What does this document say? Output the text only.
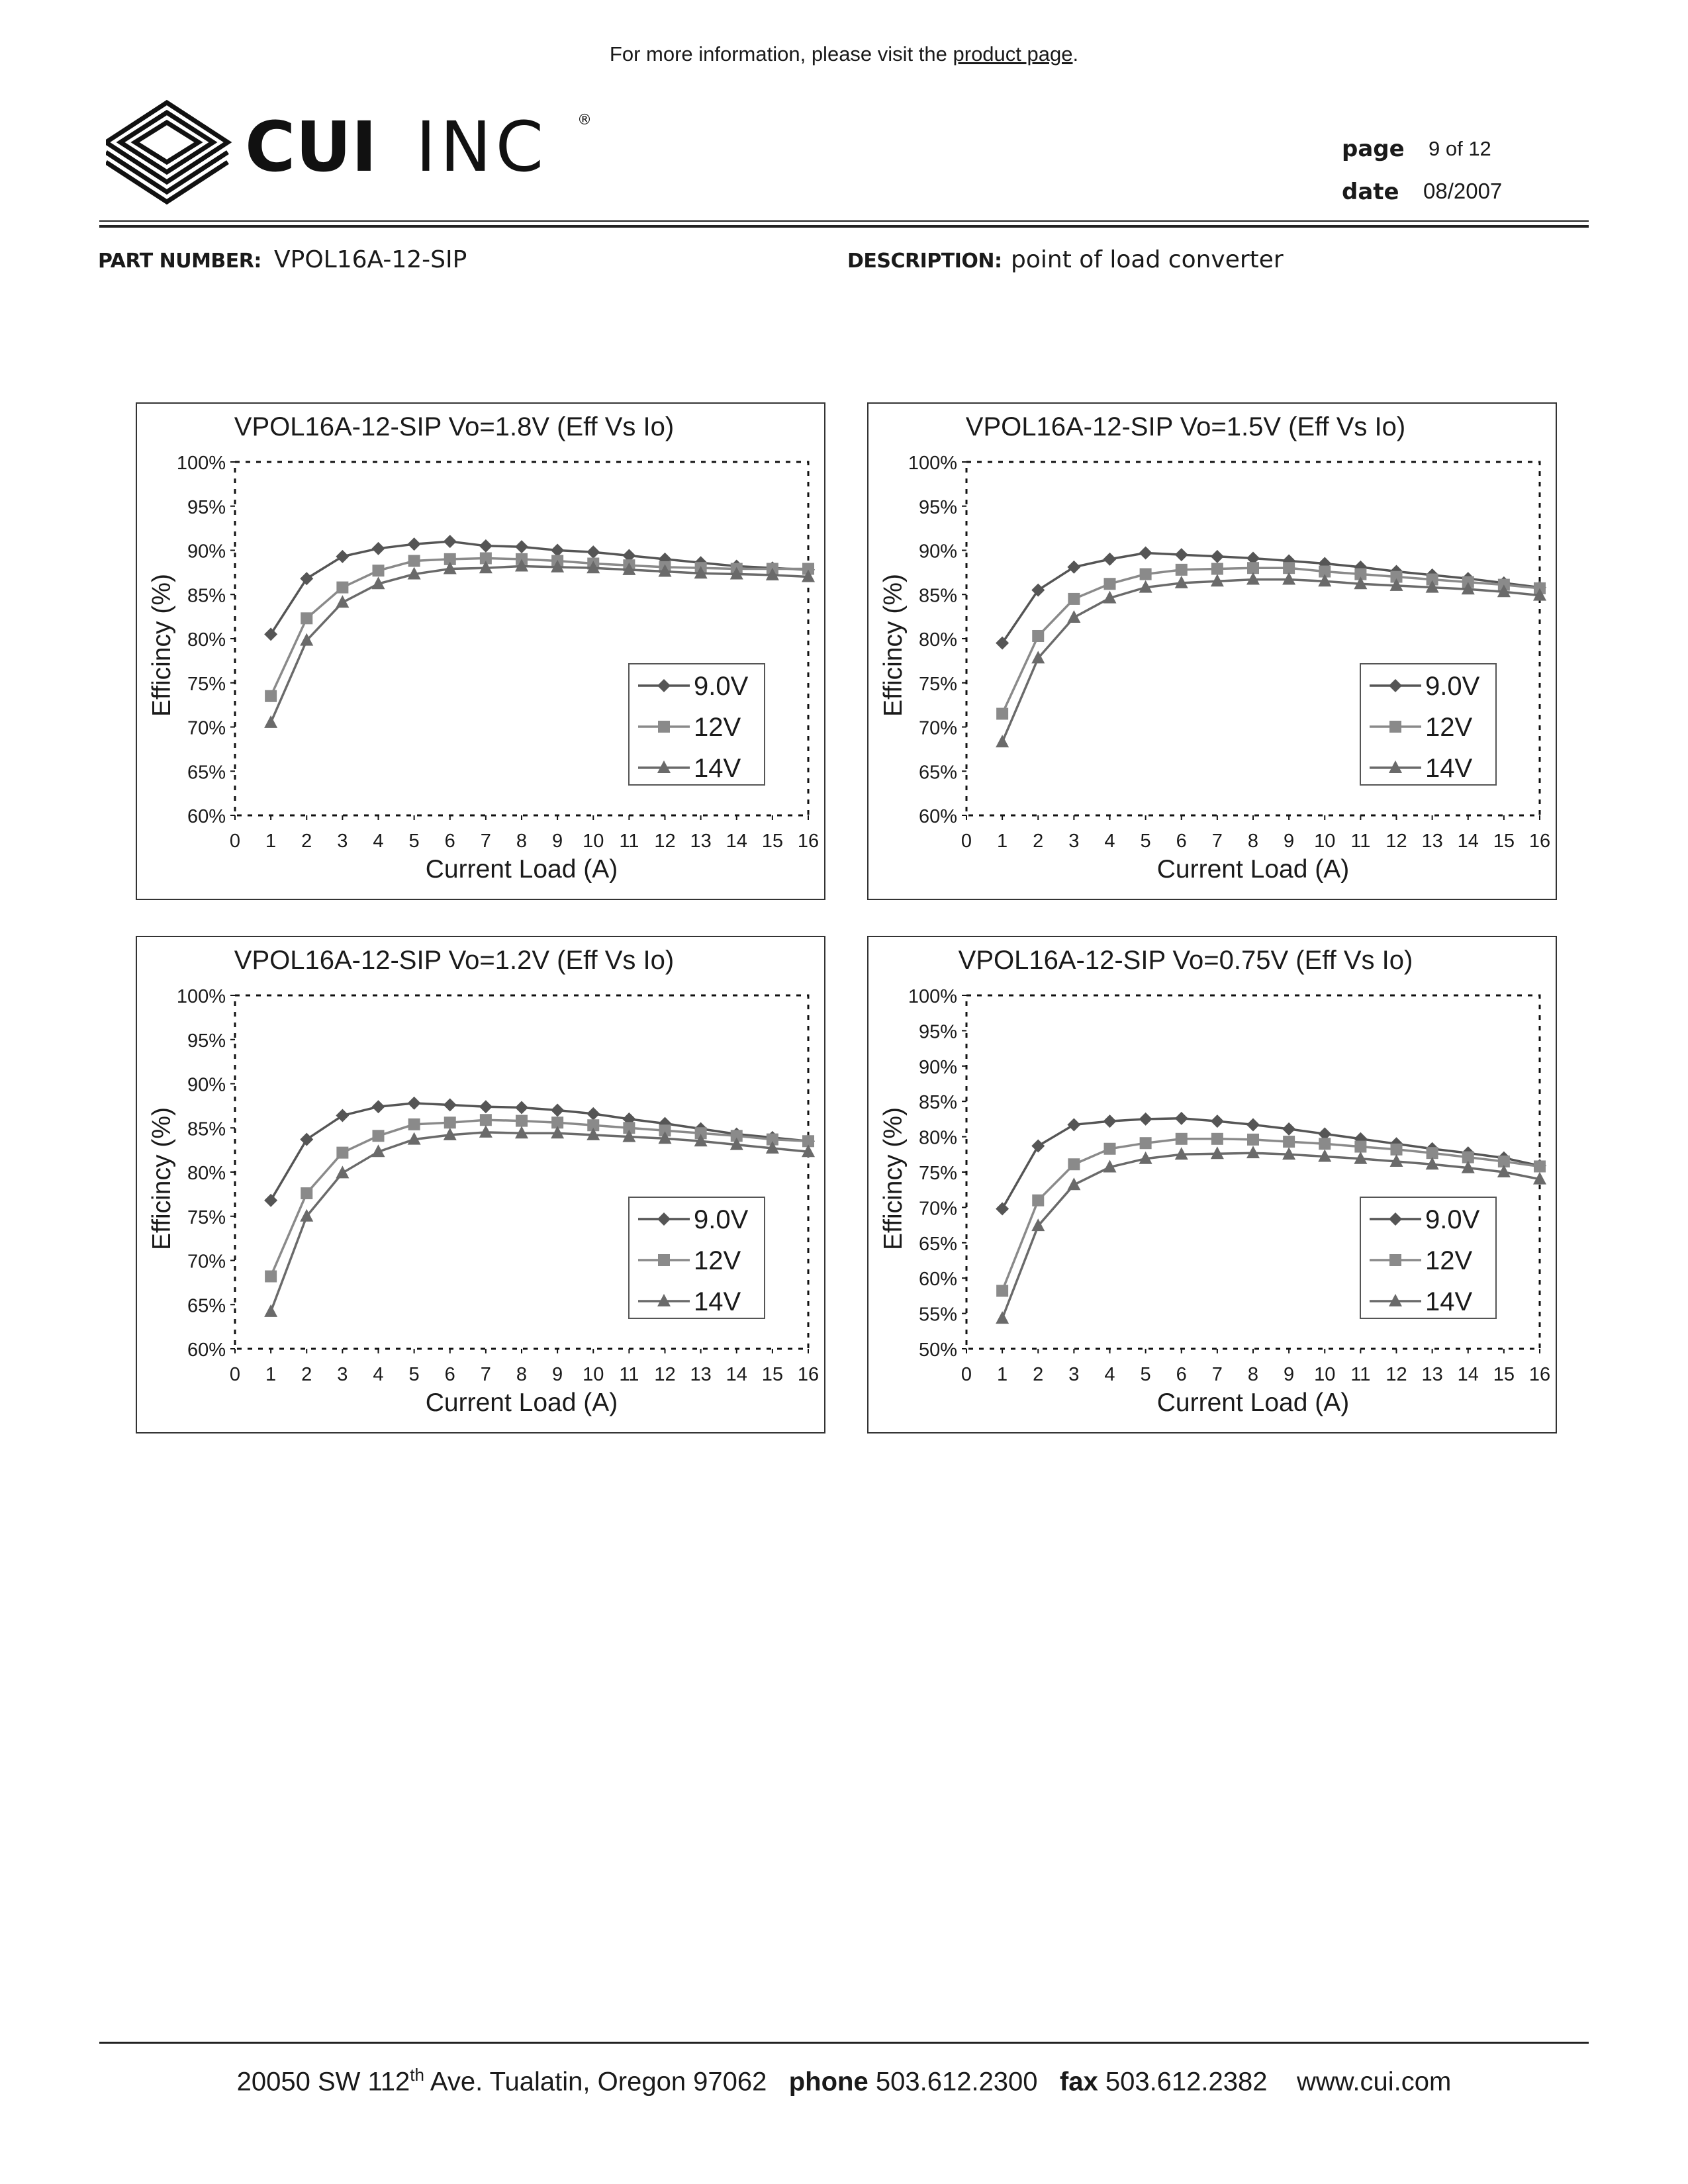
For more information, please visit the product page.
CUI INC ®
page 9 of 12
date 08/2007
PART NUMBER: VPOL16A-12-SIP	DESCRIPTION: point of load converter
VPOL16A-12-SIP Vo=1.8V (Eff Vs Io)
60%
65%
70%
75%
80%
85%
90%
95%
100%
0 1 2 3 4 5 6 7 8 9 10 11 12 13 14 15 16
Current Load (A)
Efficincy (%)	9.0V
12V
14V
VPOL16A-12-SIP Vo=1.5V (Eff Vs Io)
60%
65%
70%
75%
80%
85%
90%
95%
100%
0 1 2 3 4 5 6 7 8 9 10 11 12 13 14 15 16
Current Load (A)
Efficincy (%)	9.0V
12V
14V
VPOL16A-12-SIP Vo=1.2V (Eff Vs Io)
60%
65%
70%
75%
80%
85%
90%
95%
100%
0 1 2 3 4 5 6 7 8 9 10 11 12 13 14 15 16
Current Load (A)
Efficincy (%)	9.0V
12V
14V
VPOL16A-12-SIP Vo=0.75V (Eff Vs Io)
50%
55%
60%
65%
70%
75%
80%
85%
90%
95%
100%
0 1 2 3 4 5 6 7 8 9 10 11 12 13 14 15 16
Current Load (A)
Efficincy (%)	9.0V
12V
14V
20050 SW 112th Ave. Tualatin, Oregon 97062 phone 503.612.2300 fax 503.612.2382 www.cui.com
